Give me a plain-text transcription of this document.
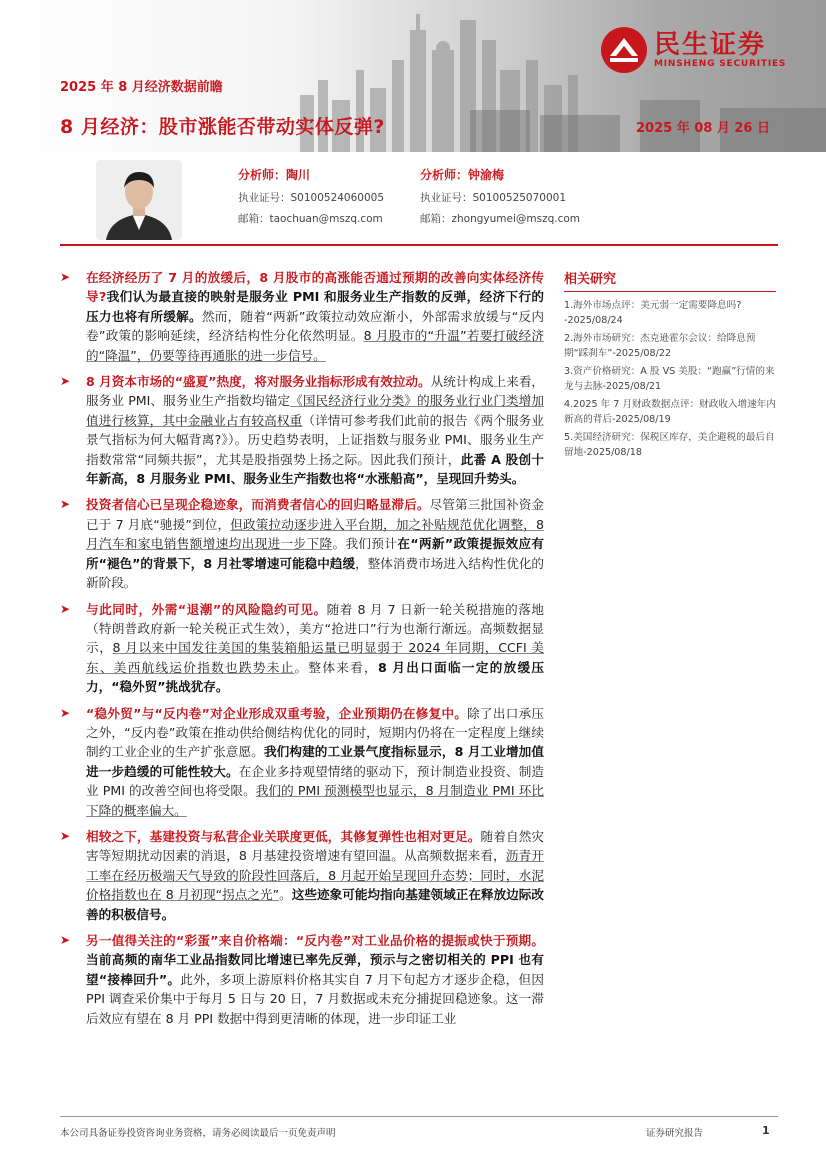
2025 年 8 月经济数据前瞻
8 月经济：股市涨能否带动实体反弹?	2025 年 08 月 26 日
民生证券
MINSHENG SECURITIES
分析师：陶川
执业证号：S0100524060005
邮箱：taochuan@mszq.com
分析师：钟渝梅
执业证号：S0100525070001
邮箱：zhongyumei@mszq.com
➤ 在经济经历了 7 月的放缓后，8 月股市的高涨能否通过预期的改善向实体经济传导?我们认为最直接的映射是服务业 PMI 和服务业生产指数的反弹，经济下行的压力也将有所缓解。然而，随着“两新”政策拉动效应渐小，外部需求放缓与“反内卷”政策的影响延续，经济结构性分化依然明显。8 月股市的“升温”若要打破经济的“降温”，仍要等待再通胀的进一步信号。
➤ 8 月资本市场的“盛夏”热度，将对服务业指标形成有效拉动。从统计构成上来看，服务业 PMI、服务业生产指数均锚定《国民经济行业分类》的服务业行业门类增加值进行核算，其中金融业占有较高权重（详情可参考我们此前的报告《两个服务业景气指标为何大幅背离?》）。历史趋势表明，上证指数与服务业 PMI、服务业生产指数常常“同频共振”，尤其是股指强势上扬之际。因此我们预计，此番 A 股创十年新高，8 月服务业 PMI、服务业生产指数也将“水涨船高”，呈现回升势头。
➤ 投资者信心已呈现企稳迹象，而消费者信心的回归略显滞后。尽管第三批国补资金已于 7 月底“驰援”到位，但政策拉动逐步进入平台期，加之补贴规范优化调整，8 月汽车和家电销售额增速均出现进一步下降。我们预计在“两新”政策提振效应有所“褪色”的背景下，8 月社零增速可能稳中趋缓，整体消费市场进入结构性优化的新阶段。
➤ 与此同时，外需“退潮”的风险隐约可见。随着 8 月 7 日新一轮关税措施的落地（特朗普政府新一轮关税正式生效），美方“抢进口”行为也渐行渐远。高频数据显示，8 月以来中国发往美国的集装箱船运量已明显弱于 2024 年同期，CCFI 美东、美西航线运价指数也跌势未止。整体来看，8 月出口面临一定的放缓压力，“稳外贸”挑战犹存。
➤ “稳外贸”与“反内卷”对企业形成双重考验，企业预期仍在修复中。除了出口承压之外，“反内卷”政策在推动供给侧结构优化的同时，短期内仍将在一定程度上继续制约工业企业的生产扩张意愿。我们构建的工业景气度指标显示，8 月工业增加值进一步趋缓的可能性较大。在企业多持观望情绪的驱动下，预计制造业投资、制造业 PMI 的改善空间也将受限。我们的 PMI 预测模型也显示，8 月制造业 PMI 环比下降的概率偏大。
➤ 相较之下，基建投资与私营企业关联度更低，其修复弹性也相对更足。随着自然灾害等短期扰动因素的消退，8 月基建投资增速有望回温。从高频数据来看，沥青开工率在经历极端天气导致的阶段性回落后，8 月起开始呈现回升态势；同时，水泥价格指数也在 8 月初现“拐点之光”。这些迹象可能均指向基建领域正在释放边际改善的积极信号。
➤ 另一值得关注的“彩蛋”来自价格端：“反内卷”对工业品价格的提振或快于预期。当前高频的南华工业品指数同比增速已率先反弹，预示与之密切相关的 PPI 也有望“接棒回升”。此外，多项上游原料价格其实自 7 月下旬起方才逐步企稳，但因 PPI 调查采价集中于每月 5 日与 20 日，7 月数据或未充分捕捉回稳迹象。这一滞后效应有望在 8 月 PPI 数据中得到更清晰的体现，进一步印证工业
相关研究
1.海外市场点评：美元弱一定需要降息吗?-2025/08/24
2.海外市场研究：杰克逊霍尔会议：给降息预期“踩刹车”-2025/08/22
3.资产价格研究：A 股 VS 美股：“跑赢”行情的来龙与去脉-2025/08/21
4.2025 年 7 月财政数据点评：财政收入增速年内新高的背后-2025/08/19
5.美国经济研究：保税区库存，美企避税的最后自留地-2025/08/18
本公司具备证券投资咨询业务资格，请务必阅读最后一页免责声明	证券研究报告	1
